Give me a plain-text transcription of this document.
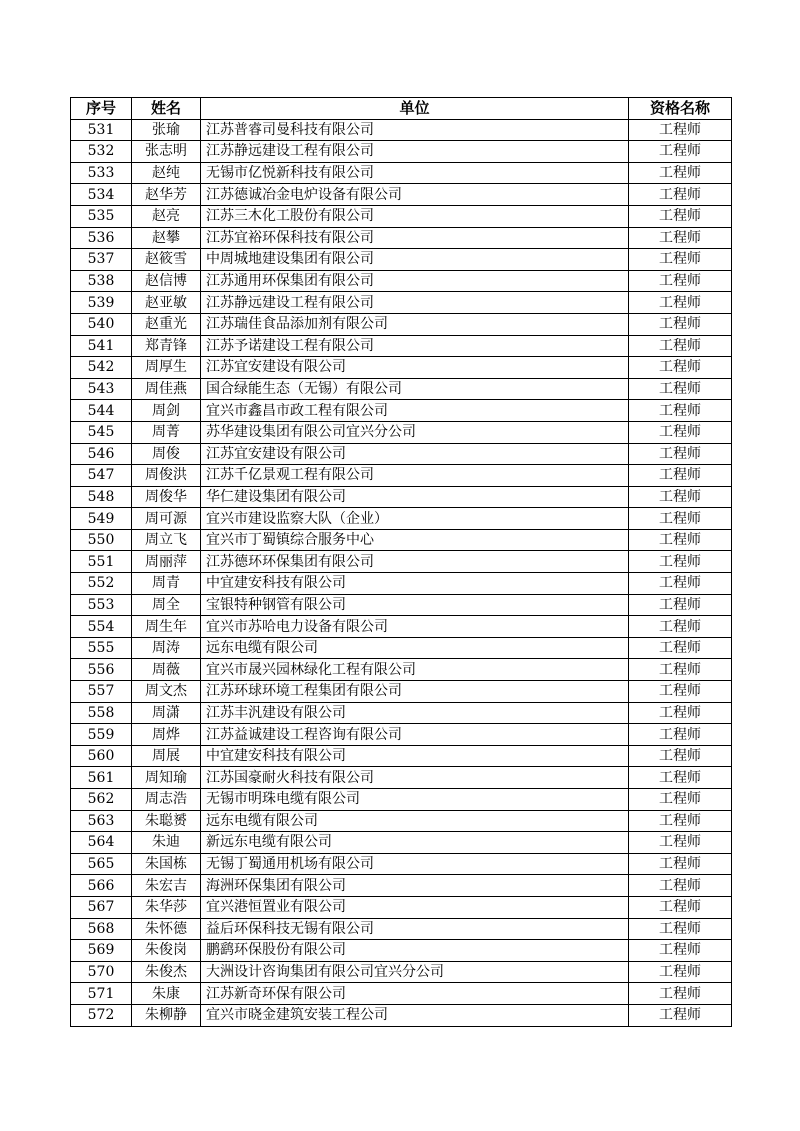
序号	姓名	单位	资格名称
531	张瑜	江苏普睿司曼科技有限公司	工程师
532	张志明	江苏静远建设工程有限公司	工程师
533	赵纯	无锡市亿悦新科技有限公司	工程师
534	赵华芳	江苏德诚冶金电炉设备有限公司	工程师
535	赵亮	江苏三木化工股份有限公司	工程师
536	赵攀	江苏宜裕环保科技有限公司	工程师
537	赵筱雪	中周城地建设集团有限公司	工程师
538	赵信博	江苏通用环保集团有限公司	工程师
539	赵亚敏	江苏静远建设工程有限公司	工程师
540	赵重光	江苏瑞佳食品添加剂有限公司	工程师
541	郑青锋	江苏予诺建设工程有限公司	工程师
542	周厚生	江苏宜安建设有限公司	工程师
543	周佳燕	国合绿能生态（无锡）有限公司	工程师
544	周剑	宜兴市鑫昌市政工程有限公司	工程师
545	周菁	苏华建设集团有限公司宜兴分公司	工程师
546	周俊	江苏宜安建设有限公司	工程师
547	周俊洪	江苏千亿景观工程有限公司	工程师
548	周俊华	华仁建设集团有限公司	工程师
549	周可源	宜兴市建设监察大队（企业）	工程师
550	周立飞	宜兴市丁蜀镇综合服务中心	工程师
551	周丽萍	江苏德环环保集团有限公司	工程师
552	周青	中宜建安科技有限公司	工程师
553	周全	宝银特种钢管有限公司	工程师
554	周生年	宜兴市苏哈电力设备有限公司	工程师
555	周涛	远东电缆有限公司	工程师
556	周薇	宜兴市晟兴园林绿化工程有限公司	工程师
557	周文杰	江苏环球环境工程集团有限公司	工程师
558	周潇	江苏丰汎建设有限公司	工程师
559	周烨	江苏益诚建设工程咨询有限公司	工程师
560	周展	中宜建安科技有限公司	工程师
561	周知瑜	江苏国豪耐火科技有限公司	工程师
562	周志浩	无锡市明珠电缆有限公司	工程师
563	朱聪赟	远东电缆有限公司	工程师
564	朱迪	新远东电缆有限公司	工程师
565	朱国栋	无锡丁蜀通用机场有限公司	工程师
566	朱宏吉	海洲环保集团有限公司	工程师
567	朱华莎	宜兴港恒置业有限公司	工程师
568	朱怀德	益后环保科技无锡有限公司	工程师
569	朱俊岗	鹏鹞环保股份有限公司	工程师
570	朱俊杰	大洲设计咨询集团有限公司宜兴分公司	工程师
571	朱康	江苏新奇环保有限公司	工程师
572	朱柳静	宜兴市晓金建筑安装工程公司	工程师
